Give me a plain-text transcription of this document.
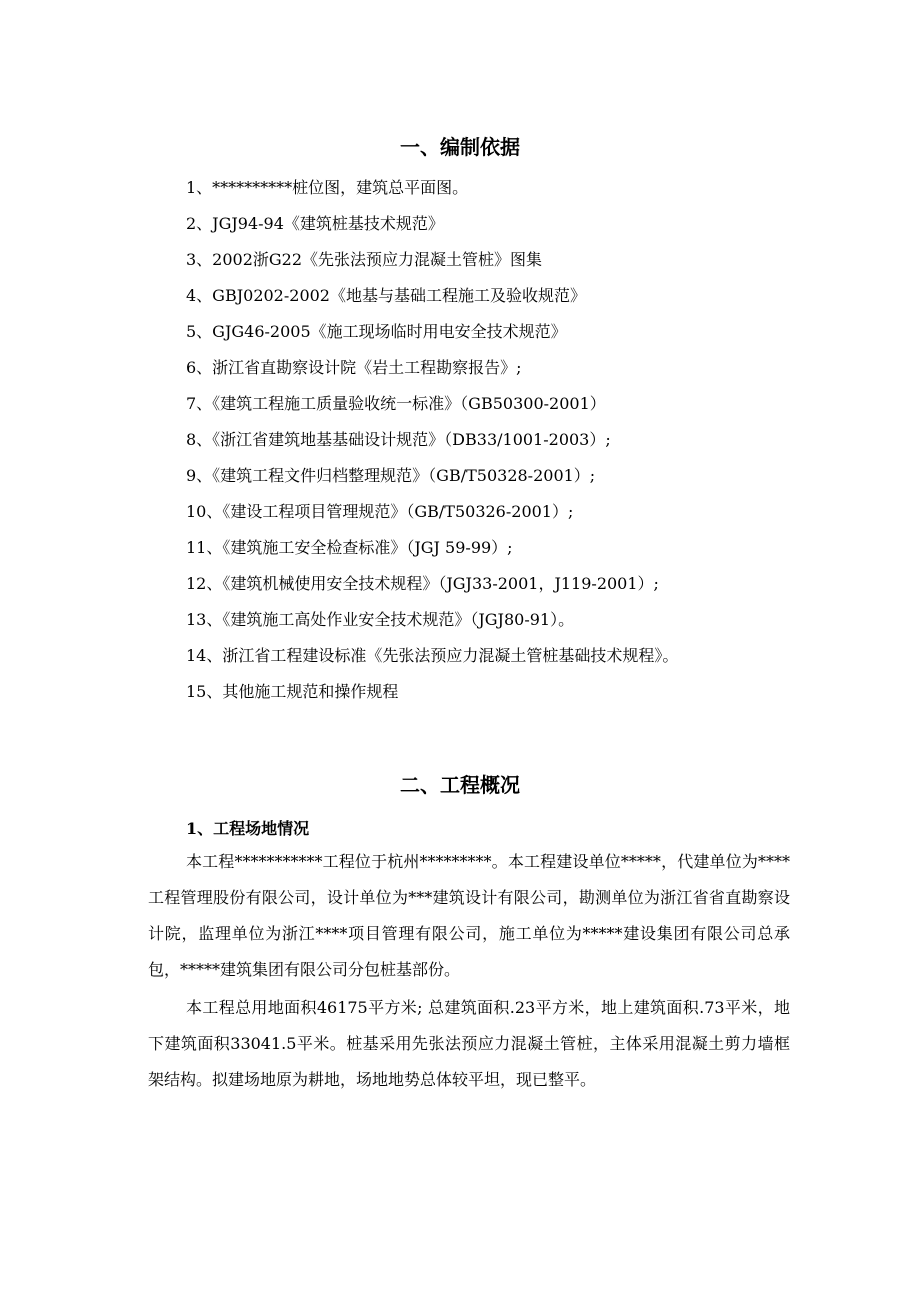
一、编制依据
1、**********桩位图，建筑总平面图。
2、JGJ94-94《建筑桩基技术规范》
3、2002浙G22《先张法预应力混凝土管桩》图集
4、GBJ0202-2002《地基与基础工程施工及验收规范》
5、GJG46-2005《施工现场临时用电安全技术规范》
6、浙江省直勘察设计院《岩土工程勘察报告》;
7、《建筑工程施工质量验收统一标准》（GB50300-2001）
8、《浙江省建筑地基基础设计规范》（DB33/1001-2003）;
9、《建筑工程文件归档整理规范》（GB/T50328-2001）;
10、《建设工程项目管理规范》（GB/T50326-2001）;
11、《建筑施工安全检查标准》（JGJ 59-99）;
12、《建筑机械使用安全技术规程》（JGJ33-2001，J119-2001）;
13、《建筑施工高处作业安全技术规范》（JGJ80-91）。
14、浙江省工程建设标准《先张法预应力混凝土管桩基础技术规程》。
15、其他施工规范和操作规程
二、工程概况
1、工程场地情况

本工程***********工程位于杭州*********。本工程建设单位*****，代建单位为****工程管理股份有限公司，设计单位为***建筑设计有限公司，勘测单位为浙江省省直勘察设计院，监理单位为浙江****项目管理有限公司，施工单位为*****建设集团有限公司总承包，*****建筑集团有限公司分包桩基部份。

本工程总用地面积46175平方米; 总建筑面积.23平方米，地上建筑面积.73平米，地下建筑面积33041.5平米。桩基采用先张法预应力混凝土管桩，主体采用混凝土剪力墙框架结构。拟建场地原为耕地，场地地势总体较平坦，现已整平。
